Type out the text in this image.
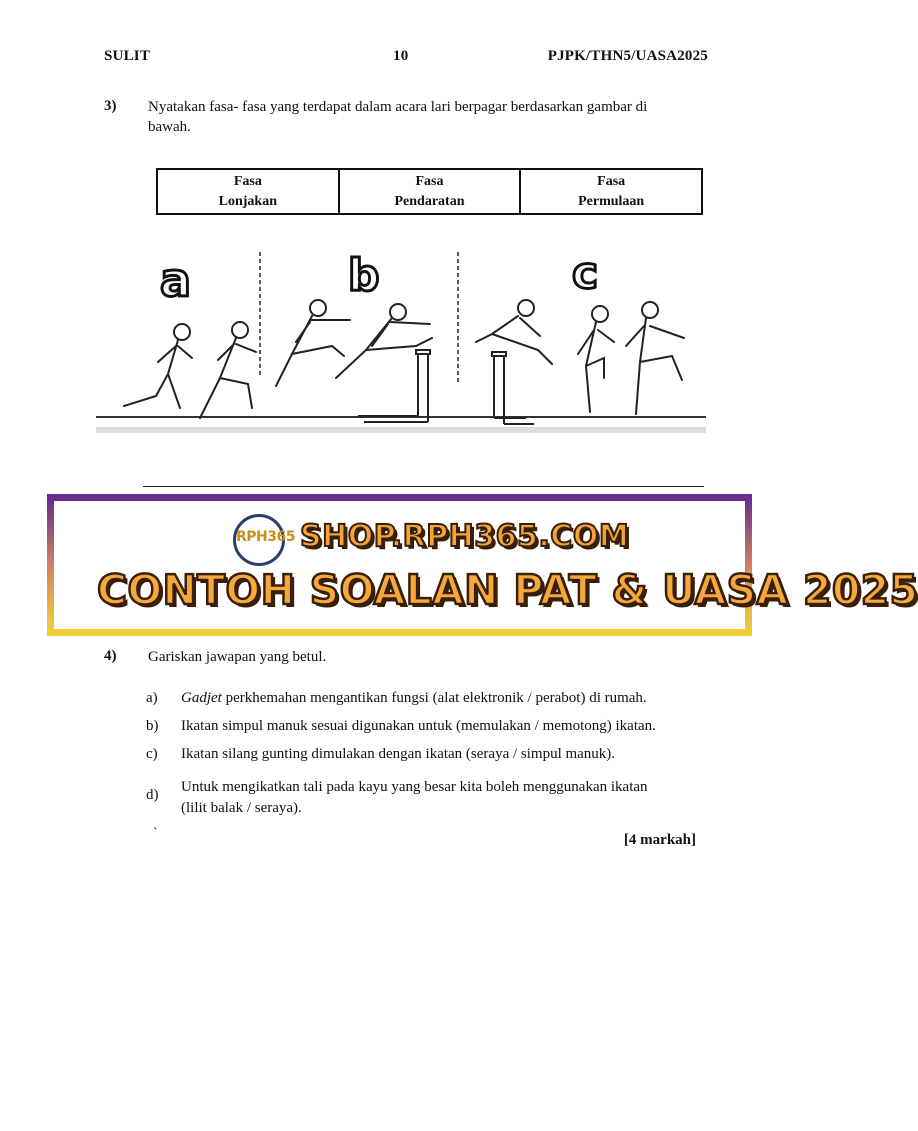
SULIT	10	PJPK/THN5/UASA2025
3) Nyatakan fasa- fasa yang terdapat dalam acara lari berpagar berdasarkan gambar di
bawah.
Fasa
Lonjakan

Fasa
Pendaratan

Fasa
Permulaan
a	b	c
RPH365 SHOP.RPH365.COM
CONTOH SOALAN PAT & UASA 2025
4) Gariskan jawapan yang betul.
a)	Gadjet perkhemahan mengantikan fungsi (alat elektronik / perabot) di rumah.
b)	Ikatan simpul manuk sesuai digunakan untuk (memulakan / memotong) ikatan.
c)	Ikatan silang gunting dimulakan dengan ikatan (seraya / simpul manuk).
d)	Untuk mengikatkan tali pada kayu yang besar kita boleh menggunakan ikatan
(lilit balak / seraya).
`	[4 markah]
